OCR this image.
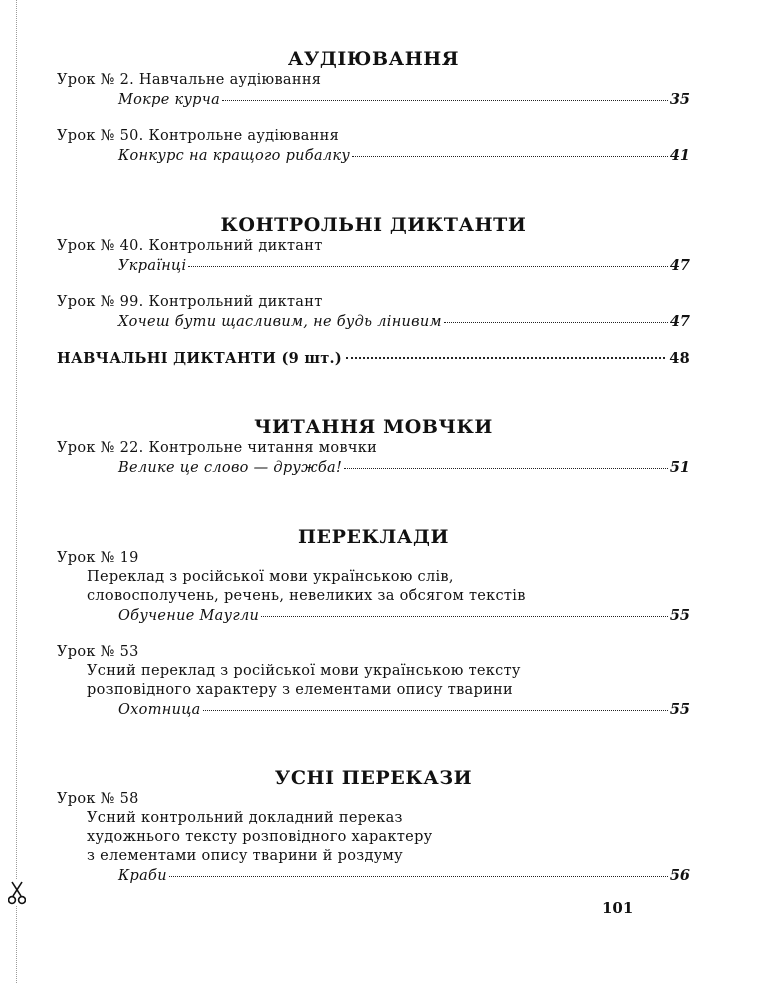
АУДІЮВАННЯ

Урок № 2. Навчальне аудіювання

Мокре курча	35

Урок № 50. Контрольне аудіювання

Конкурс на кращого рибалку	41
КОНТРОЛЬНІ ДИКТАНТИ

Урок № 40. Контрольний диктант

Українці	47

Урок № 99. Контрольний диктант

Хочеш бути щасливим, не будь лінивим	47
НАВЧАЛЬНІ ДИКТАНТИ (9 шт.)	48
ЧИТАННЯ МОВЧКИ

Урок № 22. Контрольне читання мовчки

Велике це слово — дружба!	51
ПЕРЕКЛАДИ

Урок № 19

Переклад з російської мови українською слів,

словосполучень, речень, невеликих за обсягом текстів

Обучение Маугли	55

Урок № 53

Усний переклад з російської мови українською тексту

розповідного характеру з елементами опису тварини

Охотница	55
УСНІ ПЕРЕКАЗИ

Урок № 58

Усний контрольний докладний переказ

художнього тексту розповідного характеру

з елементами опису тварини й роздуму

Краби	56
101
